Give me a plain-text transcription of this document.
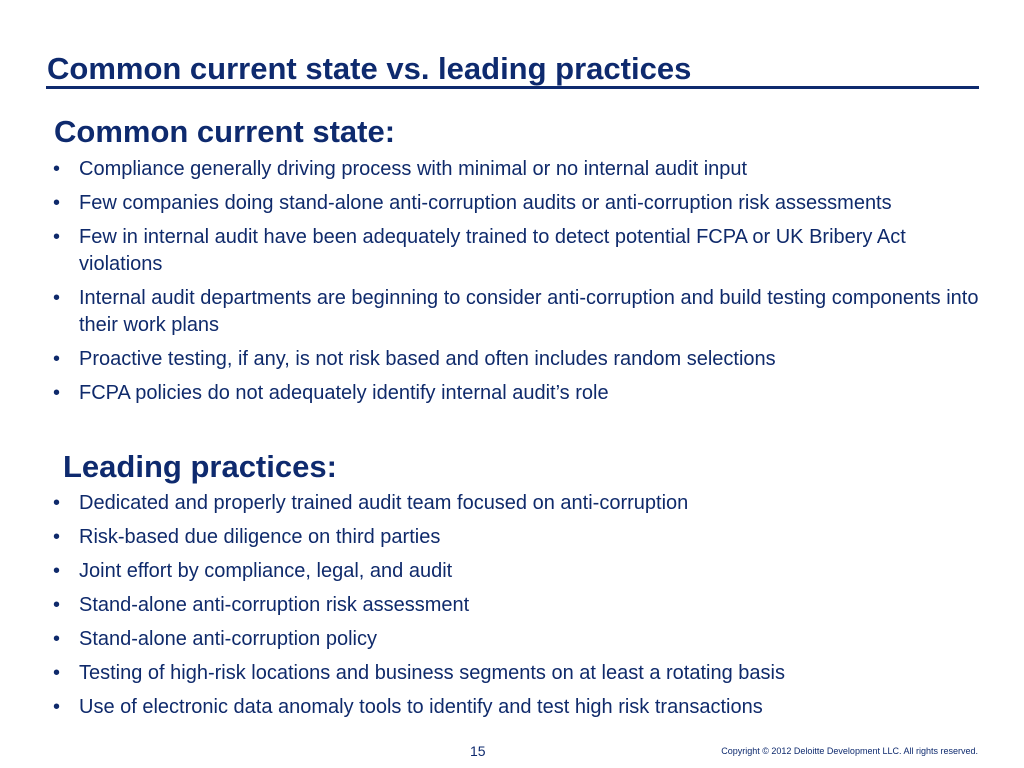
Common current state vs. leading practices
Common current state:
• Compliance generally driving process with minimal or no internal audit input
• Few companies doing stand-alone anti-corruption audits or anti-corruption risk assessments
• Few in internal audit have been adequately trained to detect potential FCPA or UK Bribery Act violations
• Internal audit departments are beginning to consider anti-corruption and build testing components into their work plans
• Proactive testing, if any, is not risk based and often includes random selections
• FCPA policies do not adequately identify internal audit’s role
Leading practices:
• Dedicated and properly trained audit team focused on anti-corruption
• Risk-based due diligence on third parties
• Joint effort by compliance, legal, and audit
• Stand-alone anti-corruption risk assessment
• Stand-alone anti-corruption policy
• Testing of high-risk locations and business segments on at least a rotating basis
• Use of electronic data anomaly tools to identify and test high risk transactions
15	Copyright © 2012 Deloitte Development LLC. All rights reserved.
